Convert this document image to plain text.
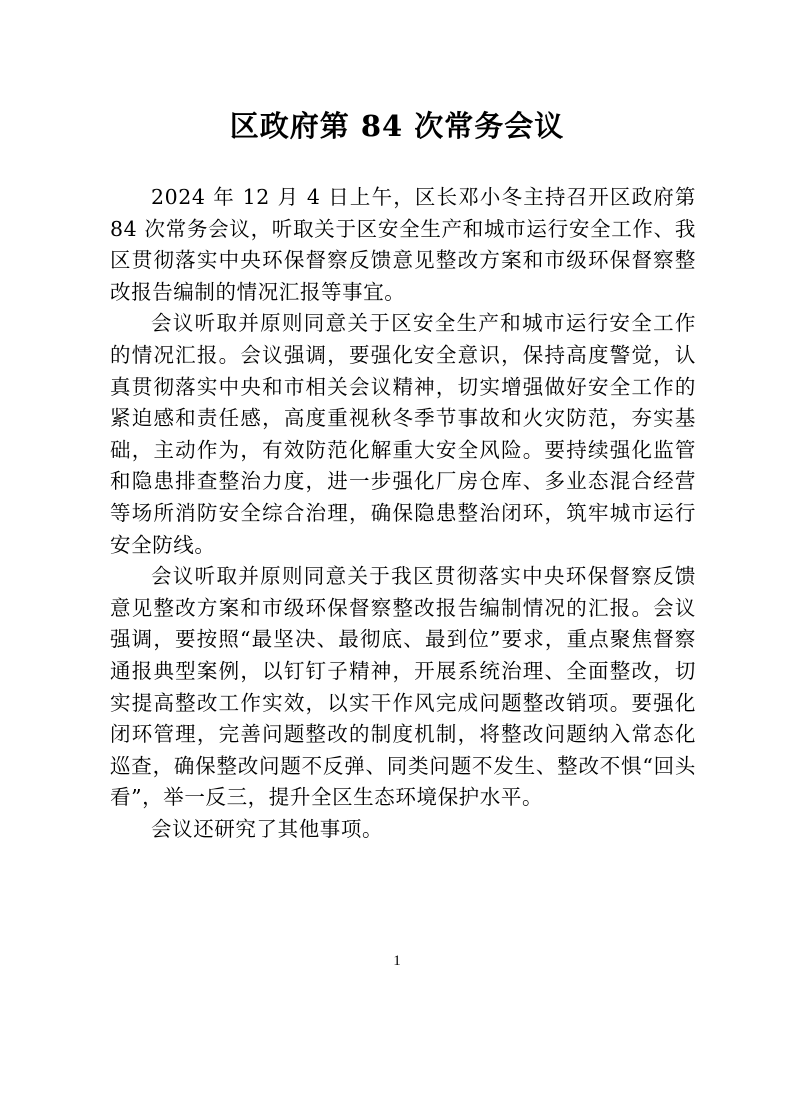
区政府第 84 次常务会议

2024 年 12 月 4 日上午，区长邓小冬主持召开区政府第 84 次常务会议，听取关于区安全生产和城市运行安全工作、我区贯彻落实中央环保督察反馈意见整改方案和市级环保督察整改报告编制的情况汇报等事宜。

会议听取并原则同意关于区安全生产和城市运行安全工作的情况汇报。会议强调，要强化安全意识，保持高度警觉，认真贯彻落实中央和市相关会议精神，切实增强做好安全工作的紧迫感和责任感，高度重视秋冬季节事故和火灾防范，夯实基础，主动作为，有效防范化解重大安全风险。要持续强化监管和隐患排查整治力度，进一步强化厂房仓库、多业态混合经营等场所消防安全综合治理，确保隐患整治闭环，筑牢城市运行安全防线。

会议听取并原则同意关于我区贯彻落实中央环保督察反馈意见整改方案和市级环保督察整改报告编制情况的汇报。会议强调，要按照“最坚决、最彻底、最到位”要求，重点聚焦督察通报典型案例，以钉钉子精神，开展系统治理、全面整改，切实提高整改工作实效，以实干作风完成问题整改销项。要强化闭环管理，完善问题整改的制度机制，将整改问题纳入常态化巡查，确保整改问题不反弹、同类问题不发生、整改不惧“回头看”，举一反三，提升全区生态环境保护水平。

会议还研究了其他事项。

1
